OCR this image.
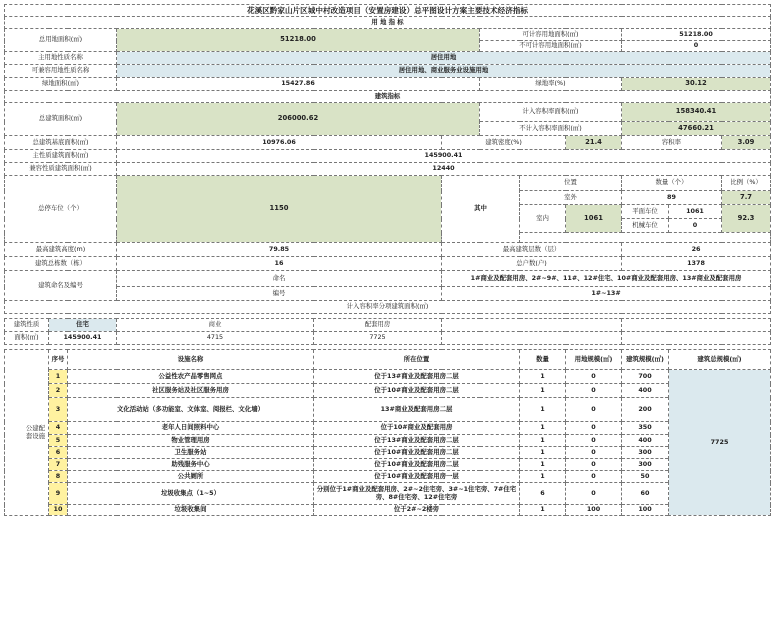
花溪区黔家山片区城中村改造项目（安置房建设）总平图设计方案主要技术经济指标											
用 地 指 标											
总用地面积(㎡)			51218.00			可计容用地面积(㎡)			51218.00		
						不可计容用地面积(㎡)			0		
主用地性质名称			居住用地								
可兼容用地性质名称			居住用地、商业服务业设施用地								
绿地面积(㎡)			15427.86			绿地率(%)			30.12		
建筑指标											
总建筑面积(㎡)			206000.62			计入容积率面积(㎡)			158340.41		
						不计入容积率面积(㎡)			47660.21		
总建筑基底面积(㎡)			10976.06		建筑密度(%)			21.4	容积率		3.09
主性质建筑面积(㎡)			145900.41								
兼容性质建筑面积(㎡)			12440								
总停车位（个）			1150		其中		位置		数量（个）		比例（%）
							室外		89		7.7
							室内	1061	平面车位	1061	92.3
									机械车位	0	

最高建筑高度(m)			79.85		最高建筑层数（层）				26		
建筑总栋数（栋）			16		总户数(户)				1378		
建筑命名及编号			命名		1#商业及配套用房、2#~9#、11#、12#住宅、10#商业及配套用房、13#商业及配套用房						
			编号		1#~13#						
计入容积率分项建筑面积(㎡)											

建筑性质	住宅		商业	配套用房							
面积(㎡)	145900.41		4715	7725							

公建配套设施	序号	设施名称		所在位置			数量	用地规模(㎡)	建筑规模(㎡)	建筑总规模(㎡)	
	1	公益性农产品零售网点		位于13#商业及配套用房二层			1	0	700	7725	
	2	社区服务站及社区服务用房		位于10#商业及配套用房二层			1	0	400		
	3	文化活动站（多功能室、文体室、阅报栏、文化墙）		13#商业及配套用房二层			1	0	200		
	4	老年人日间照料中心		位于10#商业及配套用房			1	0	350		
	5	物业管理用房		位于13#商业及配套用房二层			1	0	400		
	6	卫生服务站		位于10#商业及配套用房二层			1	0	300		
	7	助残服务中心		位于10#商业及配套用房二层			1	0	300		
	8	公共厕所		位于10#商业及配套用房一层			1	0	50		
	9	垃圾收集点（1~5）		分别位于1#商业及配套用房、2#~2住宅旁、3#~1住宅旁、7#住宅旁、8#住宅旁、12#住宅旁			6	0	60		
	10	垃圾收集间		位于2#~2楼旁			1	100	100		
